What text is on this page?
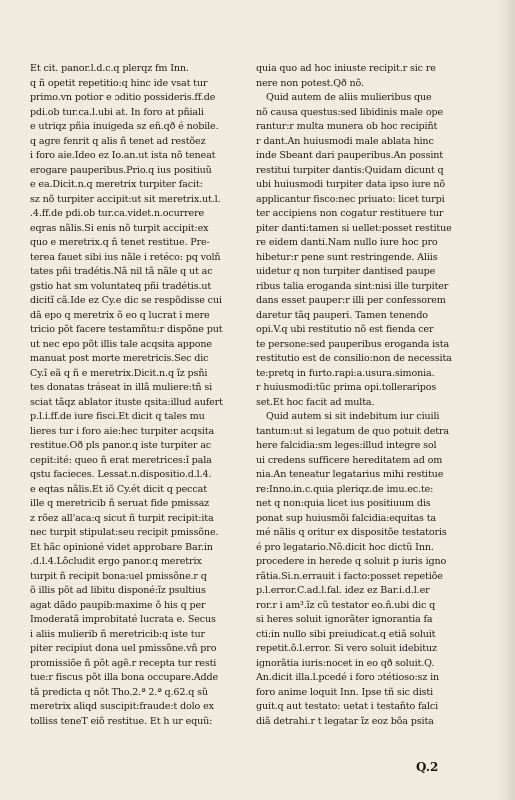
Et cit. panor.l.d.c.q plerqz fm Inn.
q ñ opetit repetitio:q hinc ide vsat tur
primo.vn potior e ɔditio possideris.ff.de
pdi.ob tur.ca.l.ubi at. In foro at pñiali
e utriqz pñia inuigeda sz eñ.qð é nobile.
q agre fenrit q alis ñ tenet ad restõez
i foro aie.Ideo ez Io.an.ut ista nõ teneat
erogare pauperibus.Prio.q ius positiuũ
e ea.Dicit.n.q meretrix turpiter facit:
sz nõ turpiter accipit:ut sit meretrix.ut.l.
.4.ff.de pdi.ob tur.ca.videt.n.ocurrere
eqras nãlis.Si enis nõ turpit accipit:ex
quo e meretrix.q ñ tenet restitue. Pre-
terea fauet sibi ius nãle i retéco: pq volñ
tates pñi tradétis.Nã nil tã nãle q ut ac
gstio hat sm voluntateq pñi tradétis.ut
dicitĩ cã.Ide ez Cy.e dic se respõdisse cui
dã epo q meretrix õ eo q lucrat i mere
tricio põt facere testamñtu:r dispõne put
ut nec epo põt illis tale acqsita appone
manuat post morte meretricis.Sec dic
Cy.ĩ eã q ñ e meretrix.Dicit.n.q ĩz psñi
tes donatas tráseat in illã muliere:tñ si
sciat tãqz ablator ituste qsita:illud aufert
p.l.i.ff.de iure fisci.Et dicit q tales mu
lieres tur i foro aie:hec turpiter acqsita
restitue.Oð pls panor.q iste turpiter ac
cepit:ité: queo ñ erat meretrices:ĩ pala
qstu facieces. Lessat.n.dispositio.d.l.4.
e eqtas nãlis.Et iõ Cy.ét dicit q peccat
ille q meretricib ñ seruat fide pmissaz
z rõez all'aca:q sicut ñ turpit recipit:ita
nec turpit stipulat:seu recipit pmissõne.
Et hãc opinioné videt approbare Bar.in
.d.l.4.Lõcludit ergo panor.q meretrix
turpit ñ recipit bona:uel pmissõne.r q
õ illis põt ad libitu disponé:ĩz psultius
agat dãdo paupib:maxime õ his q per
Imoderatã improbitaté lucrata e. Secus
i aliis mulierib ñ meretricib:q iste tur
piter recipiut dona uel pmissõne.vñ pro
promissiõe ñ põt agẽ.r recepta tur resti
tue:r fiscus põt illa bona occupare.Adde
tã predicta q nõt Tho.2.ª 2.ª q.62.q sũ
meretrix aliqd suscipit:fraude:t dolo ex
tolliss teneT eiõ restitue. Et h ur equũ:
quia quo ad hoc iniuste recipit.r sic re
nere non potest.Qð nõ.
Quid autem de aliis mulieribus que
nõ causa questus:sed libidinis male ope
rantur:r multa munera ob hoc recipiñt
r dant.An huiusmodi male ablata hinc
inde Sbeant dari pauperibus.An possint
restitui turpiter dantis:Quidam dicunt q
ubi huiusmodi turpiter data ipso iure nõ
applicantur fisco:nec priuato: licet turpi
ter accipiens non cogatur restituere tur
piter danti:tamen si uellet:posset restitue
re eidem danti.Nam nullo iure hoc pro
hibetur:r pene sunt restringende. Aliis
uidetur q non turpiter dantised paupe
ribus talia eroganda sint:nisi ille turpiter
dans esset pauper:r illi per confessorem
daretur tãq pauperi. Tamen tenendo
opi.V.q ubi restitutio nõ est fienda cer
te persone:sed pauperibus eroganda ista
restitutio est de consilio:non de necessita
te:pretq in furto.rapi:a.usura.simonia.
r huiusmodi:tũc prima opi.tolleraripos
set.Et hoc facit ad multa.
Quid autem si sit indebitum iur ciuili
tantum:ut si legatum de quo potuit detra
here falcidia:sm leges:illud integre sol
ui credens sufficere hereditatem ad om
nia.An teneatur legatarius mihi restitue
re:Inno.in.c.quia pleriqz.de imu.ec.te:
net q non:quia licet ius positiuum dis
ponat sup huiusmõi falcidia:equitas ta
mé nãlis q oritur ex dispositõe testatoris
é pro legatario.Nõ.dicit hoc dictũ Inn.
procedere in herede q soluit p iuris igno
rãtia.Si.n.errauit i facto:posset repetiõe
p.l.error.C.ad.l.fal. idez ez Bar.i.d.l.er
ror.r i am³.ĩz cũ testator eo.ñ.ubi dic q
si heres soluit ignorãter ignorantia fa
cti:in nullo sibi preiudicat.q etiã soluit
repetit.õ.l.error. Si vero soluit idebituz
ignorãtia iuris:nocet in eo qð soluit.Q.
An.dicit illa.l.pcedé i foro ɔtétioso:sz in
foro anime loquit Inn. Ipse tñ sic disti
guit.q aut testato: uetat i testañto falci
diã detrahi.r t legatar ĩz eoz bõa psita
Q.2
